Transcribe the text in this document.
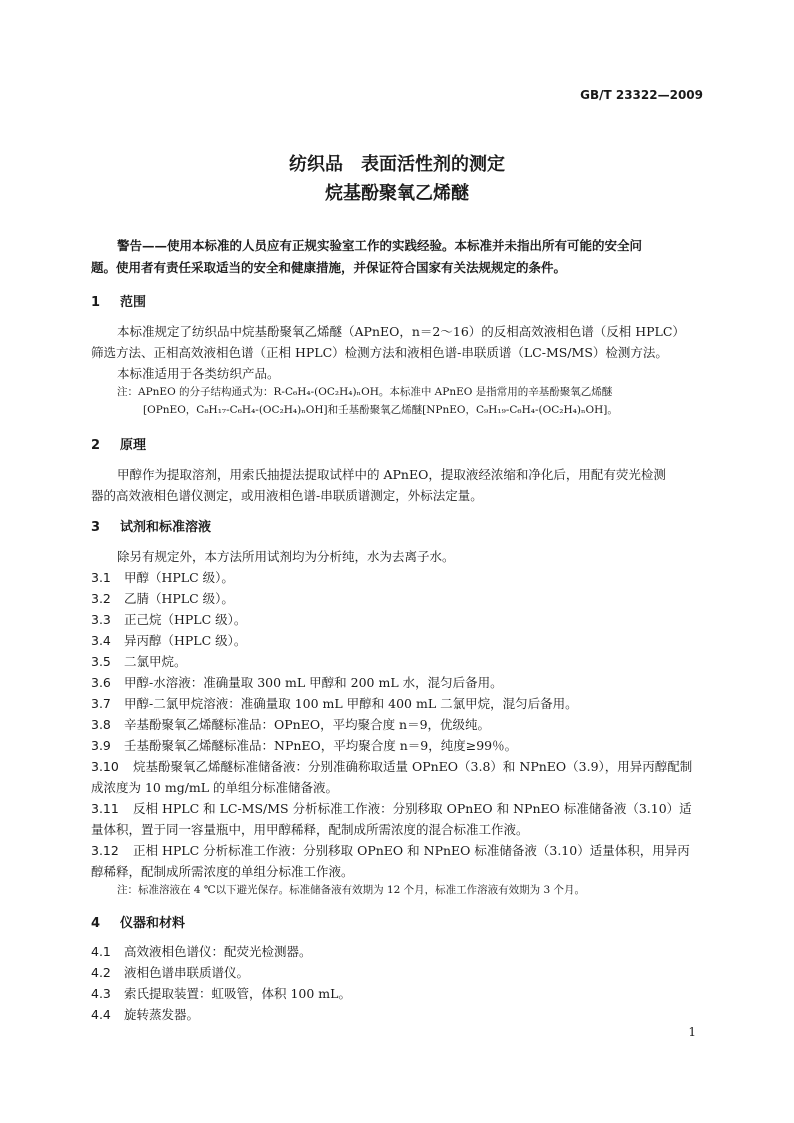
GB/T 23322—2009
纺织品　表面活性剂的测定
烷基酚聚氧乙烯醚
警告——使用本标准的人员应有正规实验室工作的实践经验。本标准并未指出所有可能的安全问
题。使用者有责任采取适当的安全和健康措施，并保证符合国家有关法规规定的条件。
1 范围
本标准规定了纺织品中烷基酚聚氧乙烯醚（APnEO，n＝2～16）的反相高效液相色谱（反相 HPLC）
筛选方法、正相高效液相色谱（正相 HPLC）检测方法和液相色谱-串联质谱（LC-MS/MS）检测方法。
本标准适用于各类纺织产品。
注：APnEO 的分子结构通式为：R-C₆H₄-(OC₂H₄)ₙOH。本标准中 APnEO 是指常用的辛基酚聚氧乙烯醚
[OPnEO，C₈H₁₇-C₆H₄-(OC₂H₄)ₙOH]和壬基酚聚氧乙烯醚[NPnEO，C₉H₁₉-C₆H₄-(OC₂H₄)ₙOH]。
2 原理
甲醇作为提取溶剂，用索氏抽提法提取试样中的 APnEO，提取液经浓缩和净化后，用配有荧光检测
器的高效液相色谱仪测定，或用液相色谱-串联质谱测定，外标法定量。
3 试剂和标准溶液
除另有规定外，本方法所用试剂均为分析纯，水为去离子水。
3.1 甲醇（HPLC 级）。
3.2 乙腈（HPLC 级）。
3.3 正己烷（HPLC 级）。
3.4 异丙醇（HPLC 级）。
3.5 二氯甲烷。
3.6 甲醇-水溶液：准确量取 300 mL 甲醇和 200 mL 水，混匀后备用。
3.7 甲醇-二氯甲烷溶液：准确量取 100 mL 甲醇和 400 mL 二氯甲烷，混匀后备用。
3.8 辛基酚聚氧乙烯醚标准品：OPnEO，平均聚合度 n＝9，优级纯。
3.9 壬基酚聚氧乙烯醚标准品：NPnEO，平均聚合度 n＝9，纯度≥99％。
3.10 烷基酚聚氧乙烯醚标准储备液：分别准确称取适量 OPnEO（3.8）和 NPnEO（3.9），用异丙醇配制
成浓度为 10 mg/mL 的单组分标准储备液。
3.11 反相 HPLC 和 LC-MS/MS 分析标准工作液：分别移取 OPnEO 和 NPnEO 标准储备液（3.10）适
量体积，置于同一容量瓶中，用甲醇稀释，配制成所需浓度的混合标准工作液。
3.12 正相 HPLC 分析标准工作液：分别移取 OPnEO 和 NPnEO 标准储备液（3.10）适量体积，用异丙
醇稀释，配制成所需浓度的单组分标准工作液。
注：标准溶液在 4 ℃以下避光保存。标准储备液有效期为 12 个月，标准工作溶液有效期为 3 个月。
4 仪器和材料
4.1 高效液相色谱仪：配荧光检测器。
4.2 液相色谱串联质谱仪。
4.3 索氏提取装置：虹吸管，体积 100 mL。
4.4 旋转蒸发器。
1
